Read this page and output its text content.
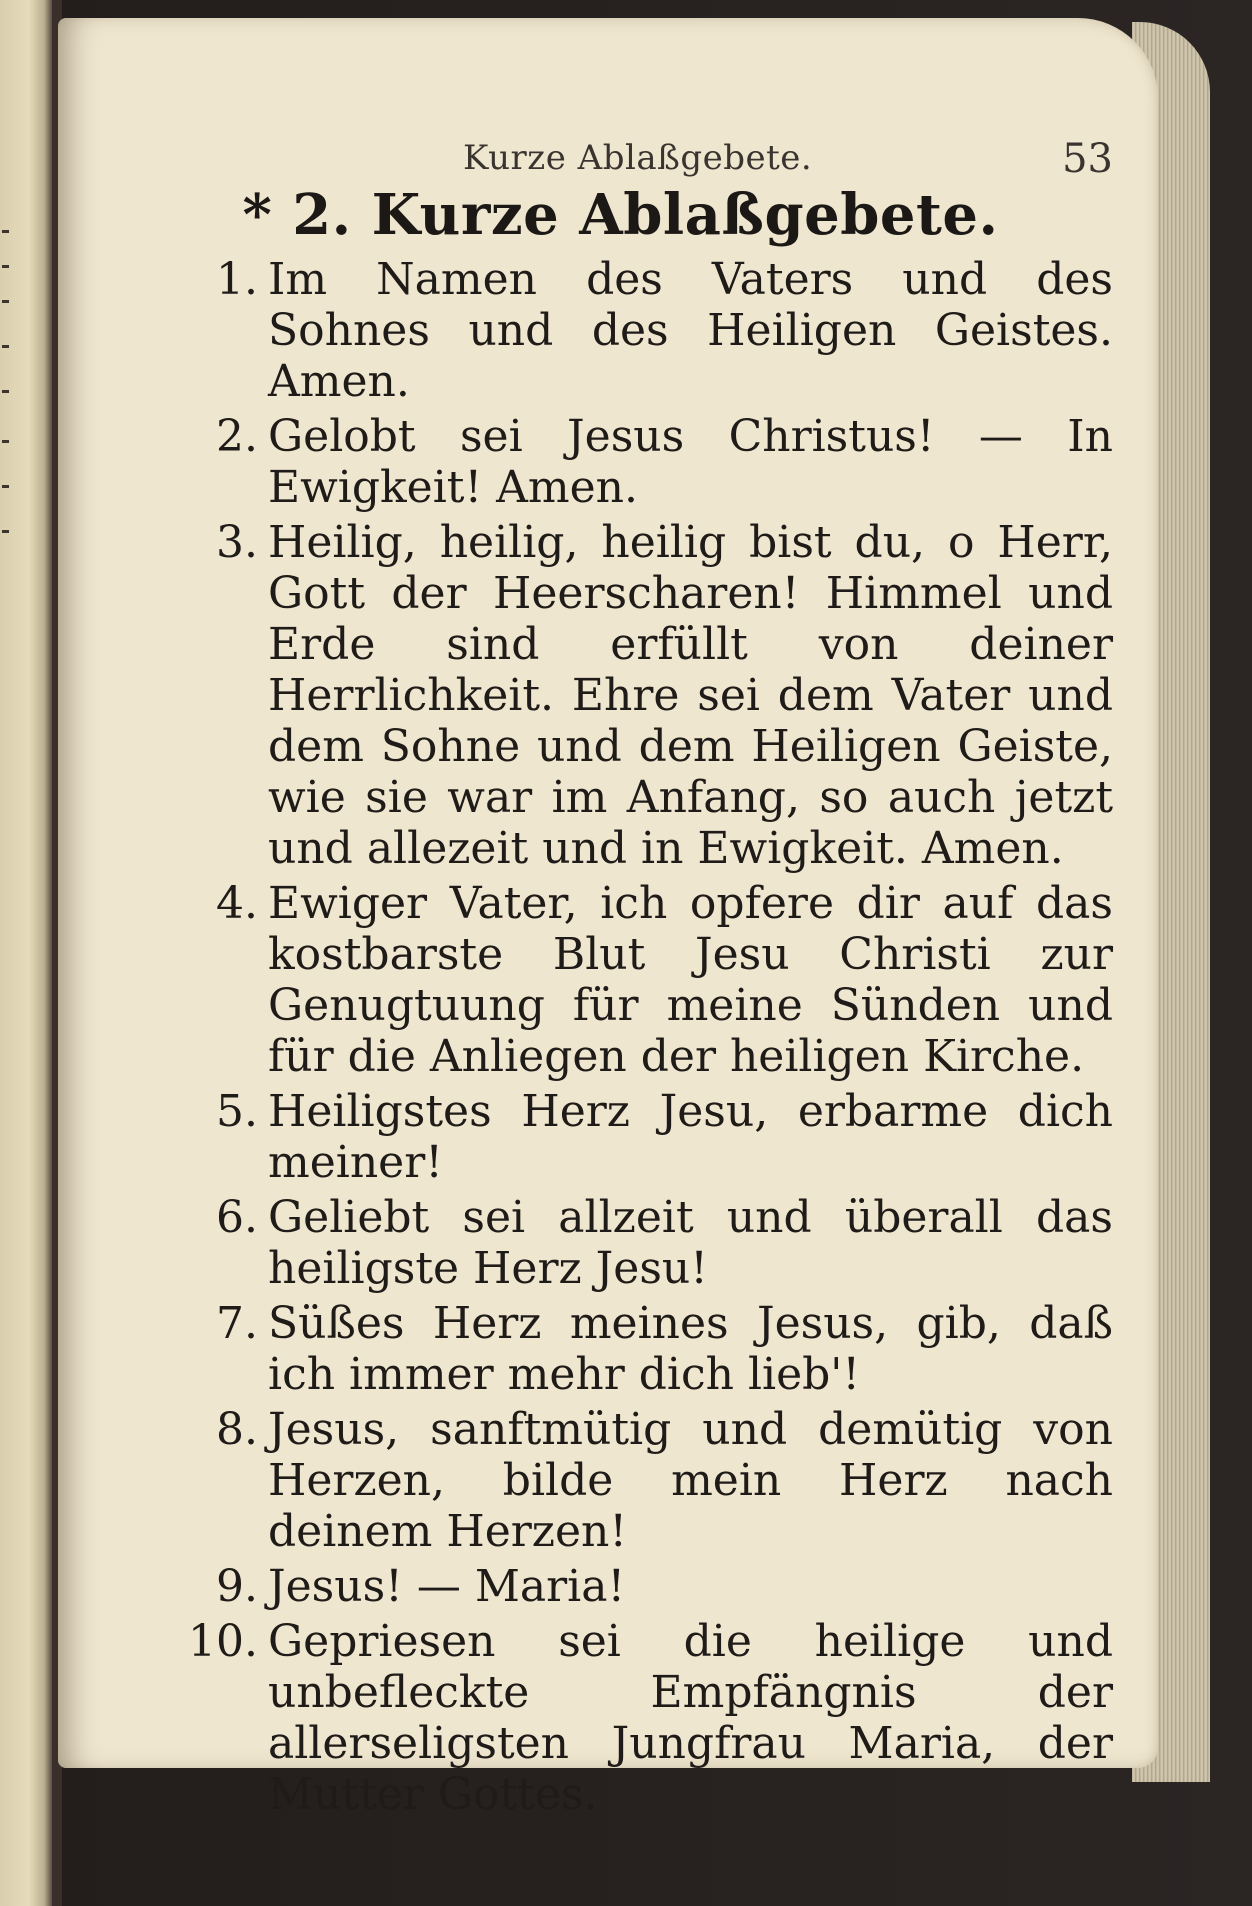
Kurze Ablaßgebete.	53
* 2. Kurze Ablaßgebete.
1. Im Namen des Vaters und des Sohnes und des Heiligen Geistes. Amen.
2. Gelobt sei Jesus Christus! — In Ewigkeit! Amen.
3. Heilig, heilig, heilig bist du, o Herr, Gott der Heerscharen! Himmel und Erde sind erfüllt von deiner Herrlichkeit. Ehre sei dem Vater und dem Sohne und dem Heiligen Geiste, wie sie war im Anfang, so auch jetzt und allezeit und in Ewigkeit. Amen.
4. Ewiger Vater, ich opfere dir auf das kostbarste Blut Jesu Christi zur Genugtuung für meine Sünden und für die Anliegen der heiligen Kirche.
5. Heiligstes Herz Jesu, erbarme dich meiner!
6. Geliebt sei allzeit und überall das heiligste Herz Jesu!
7. Süßes Herz meines Jesus, gib, daß ich immer mehr dich lieb'!
8. Jesus, sanftmütig und demütig von Herzen, bilde mein Herz nach deinem Herzen!
9. Jesus! — Maria!
10. Gepriesen sei die heilige und unbefleckte Empfängnis der allerseligsten Jungfrau Maria, der Mutter Gottes.
